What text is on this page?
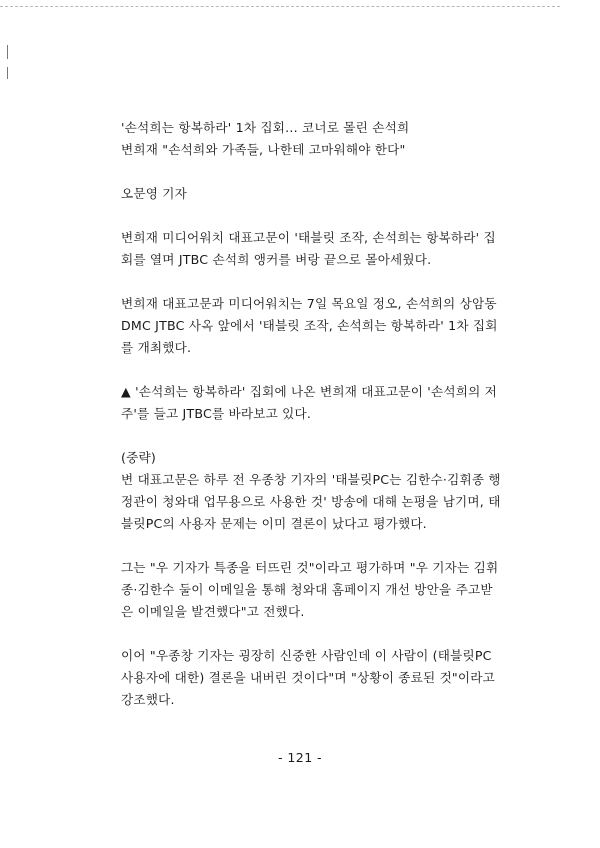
'손석희는 항복하라' 1차 집회... 코너로 몰린 손석희

변희재 "손석희와 가족들, 나한테 고마워해야 한다"

오문영 기자

변희재 미디어워치 대표고문이 '태블릿 조작, 손석희는 항복하라' 집
회를 열며 JTBC 손석희 앵커를 벼랑 끝으로 몰아세웠다.
변희재 대표고문과 미디어워치는 7일 목요일 정오, 손석희의 상암동
DMC JTBC 사옥 앞에서 '태블릿 조작, 손석희는 항복하라' 1차 집회
를 개최했다.
▲ '손석희는 항복하라' 집회에 나온 변희재 대표고문이 '손석희의 저
주'를 들고 JTBC를 바라보고 있다.
(중략)
변 대표고문은 하루 전 우종창 기자의 '태블릿PC는 김한수·김휘종 행
정관이 청와대 업무용으로 사용한 것' 방송에 대해 논평을 남기며, 태
블릿PC의 사용자 문제는 이미 결론이 났다고 평가했다.
그는 "우 기자가 특종을 터뜨린 것"이라고 평가하며 "우 기자는 김휘
종·김한수 둘이 이메일을 통해 청와대 홈페이지 개선 방안을 주고받
은 이메일을 발견했다"고 전했다.
이어 "우종창 기자는 굉장히 신중한 사람인데 이 사람이 (태블릿PC
사용자에 대한) 결론을 내버린 것이다"며 "상황이 종료된 것"이라고
강조했다.
- 121 -
